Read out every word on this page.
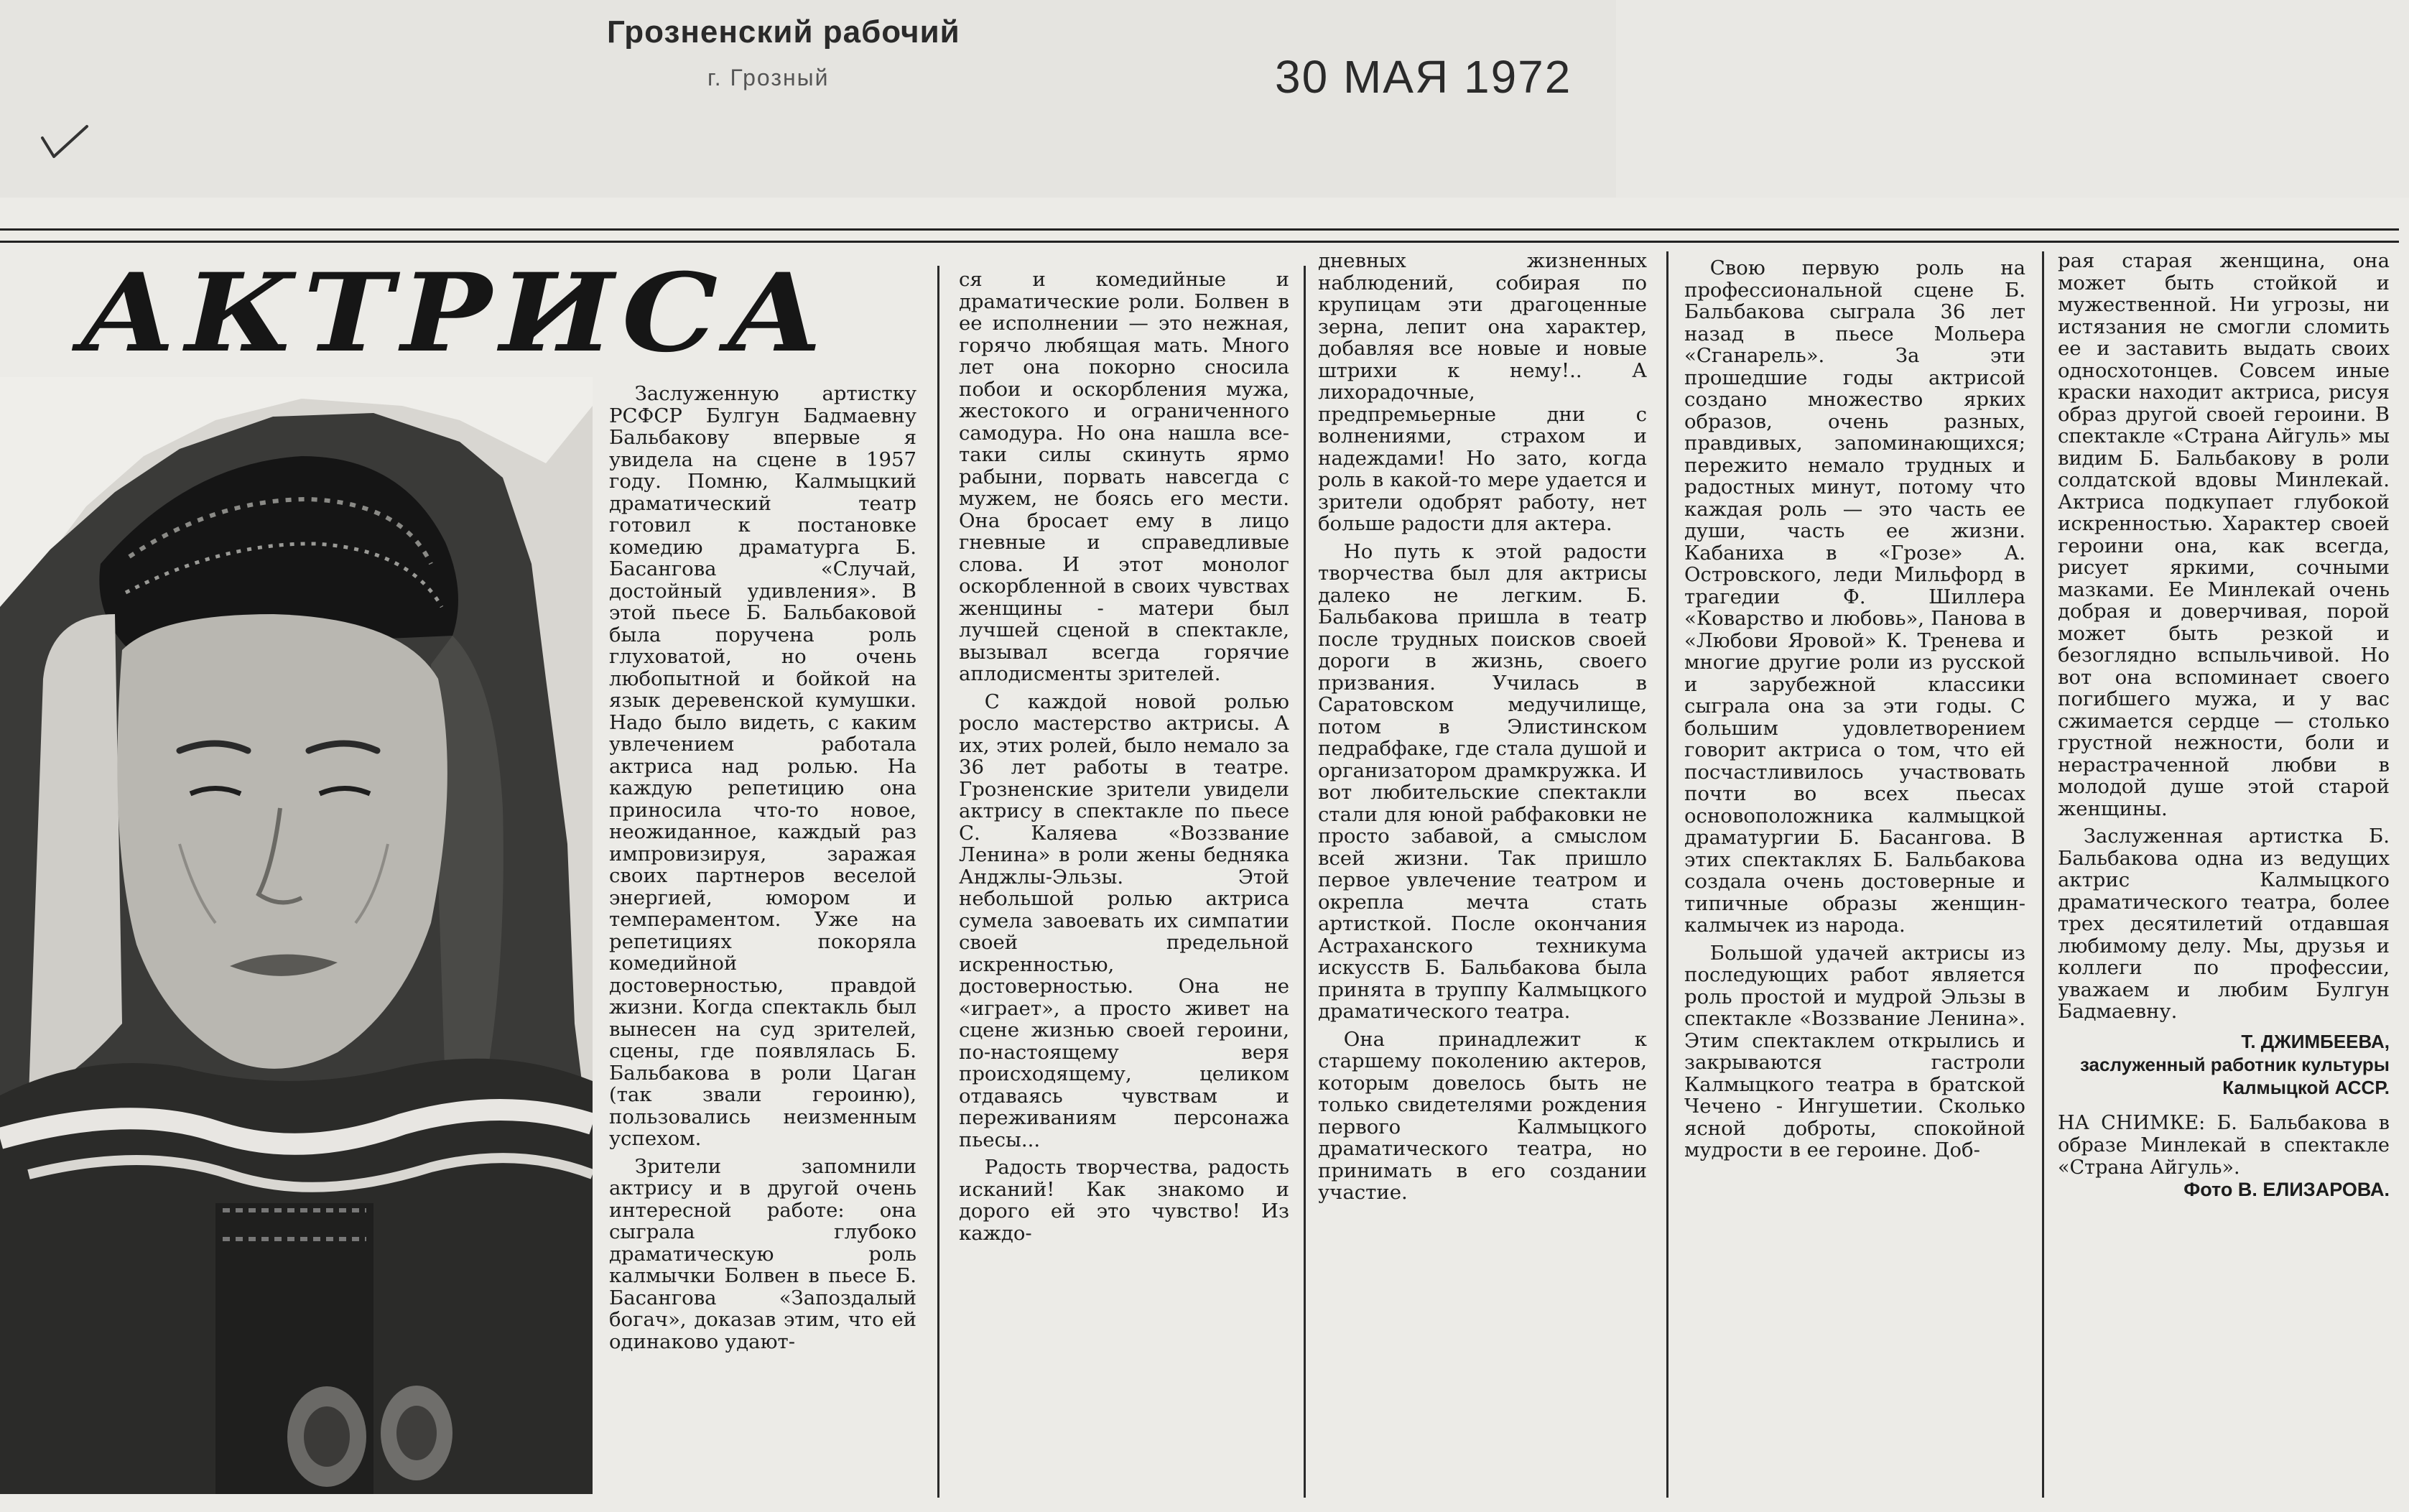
Грозненский рабочий
г. Грозный	30 МАЯ 1972
АКТРИСА

Заслуженную артистку РСФСР Булгун Бадмаевну Бальбакову впервые я увидела на сцене в 1957 году. Помню, Калмыцкий драматический театр готовил к постановке комедию драматурга Б. Басангова «Случай, достойный удивления». В этой пьесе Б. Бальбаковой была поручена роль глуховатой, но очень любопытной и бойкой на язык деревенской кумушки. Надо было видеть, с каким увлечением работала актриса над ролью. На каждую репетицию она приносила что-то новое, неожиданное, каждый раз импровизируя, заражая своих партнеров веселой энергией, юмором и темпераментом. Уже на репетициях покоряла комедийной достоверностью, правдой жизни. Когда спектакль был вынесен на суд зрителей, сцены, где появлялась Б. Бальбакова в роли Цаган (так звали героиню), пользовались неизменным успехом.

Зрители запомнили актрису и в другой очень интересной работе: она сыграла глубоко драматическую роль калмычки Болвен в пьесе Б. Басангова «Запоздалый богач», доказав этим, что ей одинаково удают-

ся и комедийные и драматические роли. Болвен в ее исполнении — это нежная, горячо любящая мать. Много лет она покорно сносила побои и оскорбления мужа, жестокого и ограниченного самодура. Но она нашла все-таки силы скинуть ярмо рабыни, порвать навсегда с мужем, не боясь его мести. Она бросает ему в лицо гневные и справедливые слова. И этот монолог оскорбленной в своих чувствах женщины - матери был лучшей сценой в спектакле, вызывал всегда горячие аплодисменты зрителей.

С каждой новой ролью росло мастерство актрисы. А их, этих ролей, было немало за 36 лет работы в театре. Грозненские зрители увидели актрису в спектакле по пьесе С. Каляева «Воззвание Ленина» в роли жены бедняка Анджлы-Эльзы. Этой небольшой ролью актриса сумела завоевать их симпатии своей предельной искренностью, достоверностью. Она не «играет», а просто живет на сцене жизнью своей героини, по-настоящему веря происходящему, целиком отдаваясь чувствам и переживаниям персонажа пьесы...

Радость творчества, радость исканий! Как знакомо и дорого ей это чувство! Из каждо-

дневных жизненных наблюдений, собирая по крупицам эти драгоценные зерна, лепит она характер, добавляя все новые и новые штрихи к нему!.. А лихорадочные, предпремьерные дни с волнениями, страхом и надеждами! Но зато, когда роль в какой-то мере удается и зрители одобрят работу, нет больше радости для актера.

Но путь к этой радости творчества был для актрисы далеко не легким. Б. Бальбакова пришла в театр после трудных поисков своей дороги в жизнь, своего призвания. Училась в Саратовском медучилище, потом в Элистинском педрабфаке, где стала душой и организатором драмкружка. И вот любительские спектакли стали для юной рабфаковки не просто забавой, а смыслом всей жизни. Так пришло первое увлечение театром и окрепла мечта стать артисткой. После окончания Астраханского техникума искусств Б. Бальбакова была принята в труппу Калмыцкого драматического театра.

Она принадлежит к старшему поколению актеров, которым довелось быть не только свидетелями рождения первого Калмыцкого драматического театра, но принимать в его создании участие.

Свою первую роль на профессиональной сцене Б. Бальбакова сыграла 36 лет назад в пьесе Мольера «Сганарель». За эти прошедшие годы актрисой создано множество ярких образов, очень разных, правдивых, запоминающихся; пережито немало трудных и радостных минут, потому что каждая роль — это часть ее души, часть ее жизни. Кабаниха в «Грозе» А. Островского, леди Мильфорд в трагедии Ф. Шиллера «Коварство и любовь», Панова в «Любови Яровой» К. Тренева и многие другие роли из русской и зарубежной классики сыграла она за эти годы. С большим удовлетворением говорит актриса о том, что ей посчастливилось участвовать почти во всех пьесах основоположника калмыцкой драматургии Б. Басангова. В этих спектаклях Б. Бальбакова создала очень достоверные и типичные образы женщин-калмычек из народа.

Большой удачей актрисы из последующих работ является роль простой и мудрой Эльзы в спектакле «Воззвание Ленина». Этим спектаклем открылись и закрываются гастроли Калмыцкого театра в братской Чечено - Ингушетии. Сколько ясной доброты, спокойной мудрости в ее героине. Доб-

рая старая женщина, она может быть стойкой и мужественной. Ни угрозы, ни истязания не смогли сломить ее и заставить выдать своих односхотонцев. Совсем иные краски находит актриса, рисуя образ другой своей героини. В спектакле «Страна Айгуль» мы видим Б. Бальбакову в роли солдатской вдовы Минлекай. Актриса подкупает глубокой искренностью. Характер своей героини она, как всегда, рисует яркими, сочными мазками. Ее Минлекай очень добрая и доверчивая, порой может быть резкой и безоглядно вспыльчивой. Но вот она вспоминает своего погибшего мужа, и у вас сжимается сердце — столько грустной нежности, боли и нерастраченной любви в молодой душе этой старой женщины.

Заслуженная артистка Б. Бальбакова одна из ведущих актрис Калмыцкого драматического театра, более трех десятилетий отдавшая любимому делу. Мы, друзья и коллеги по профессии, уважаем и любим Булгун Бадмаевну.

Т. ДЖИМБЕЕВА,
заслуженный работник культуры Калмыцкой АССР.
НА СНИМКЕ: Б. Бальбакова в образе Минлекай в спектакле «Страна Айгуль».
Фото В. ЕЛИЗАРОВА.
